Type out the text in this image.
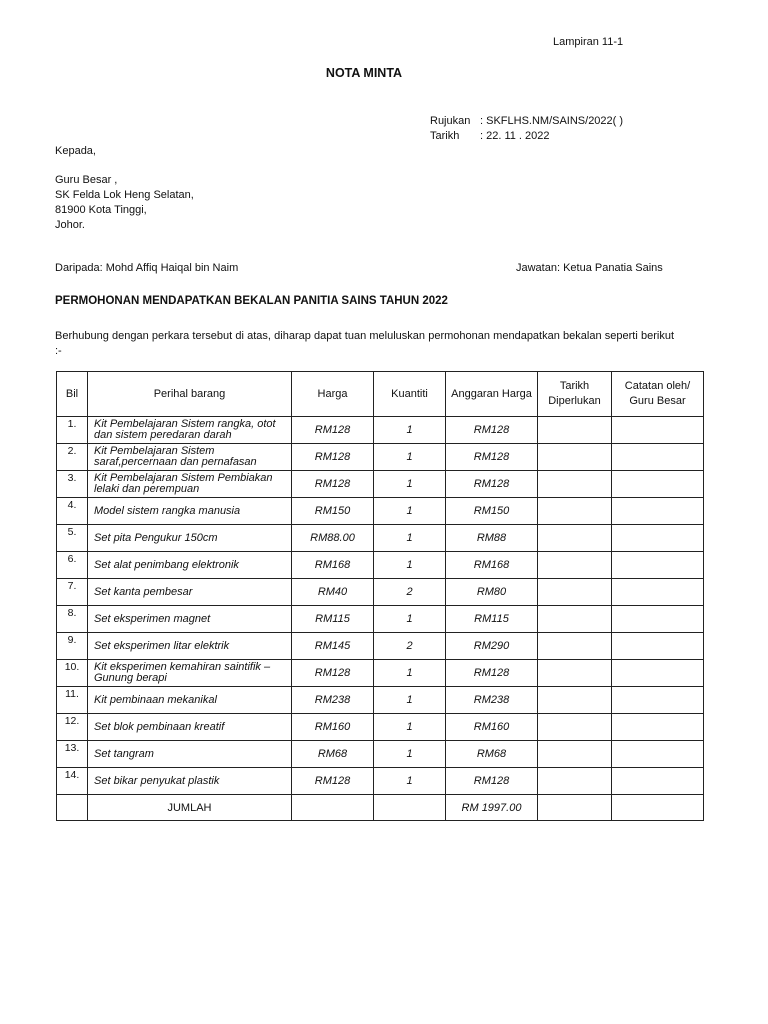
Lampiran 11-1
NOTA MINTA
Rujukan : SKFLHS.NM/SAINS/2022( )
Tarikh : 22. 11 . 2022
Kepada,
Guru Besar ,
SK Felda Lok Heng Selatan,
81900 Kota Tinggi,
Johor.
Daripada: Mohd Affiq Haiqal bin Naim	Jawatan: Ketua Panatia Sains
PERMOHONAN MENDAPATKAN BEKALAN PANITIA SAINS TAHUN 2022
Berhubung dengan perkara tersebut di atas, diharap dapat tuan meluluskan permohonan mendapatkan bekalan seperti berikut :-
Bil	Perihal barang	Harga	Kuantiti	Anggaran Harga	Tarikh Diperlukan	Catatan oleh/ Guru Besar
1.	Kit Pembelajaran Sistem rangka, otot dan sistem peredaran darah	RM128	1	RM128		
2.	Kit Pembelajaran Sistem saraf,percernaan dan pernafasan	RM128	1	RM128		
3.	Kit Pembelajaran Sistem Pembiakan lelaki dan perempuan	RM128	1	RM128		
4.	Model sistem rangka manusia	RM150	1	RM150		
5.	Set pita Pengukur 150cm	RM88.00	1	RM88		
6.	Set alat penimbang elektronik	RM168	1	RM168		
7.	Set kanta pembesar	RM40	2	RM80		
8.	Set eksperimen magnet	RM115	1	RM115		
9.	Set eksperimen litar elektrik	RM145	2	RM290		
10.	Kit eksperimen kemahiran saintifik – Gunung berapi	RM128	1	RM128		
11.	Kit pembinaan mekanikal	RM238	1	RM238		
12.	Set blok pembinaan kreatif	RM160	1	RM160		
13.	Set tangram	RM68	1	RM68		
14.	Set bikar penyukat plastik	RM128	1	RM128		
	JUMLAH			RM 1997.00		
